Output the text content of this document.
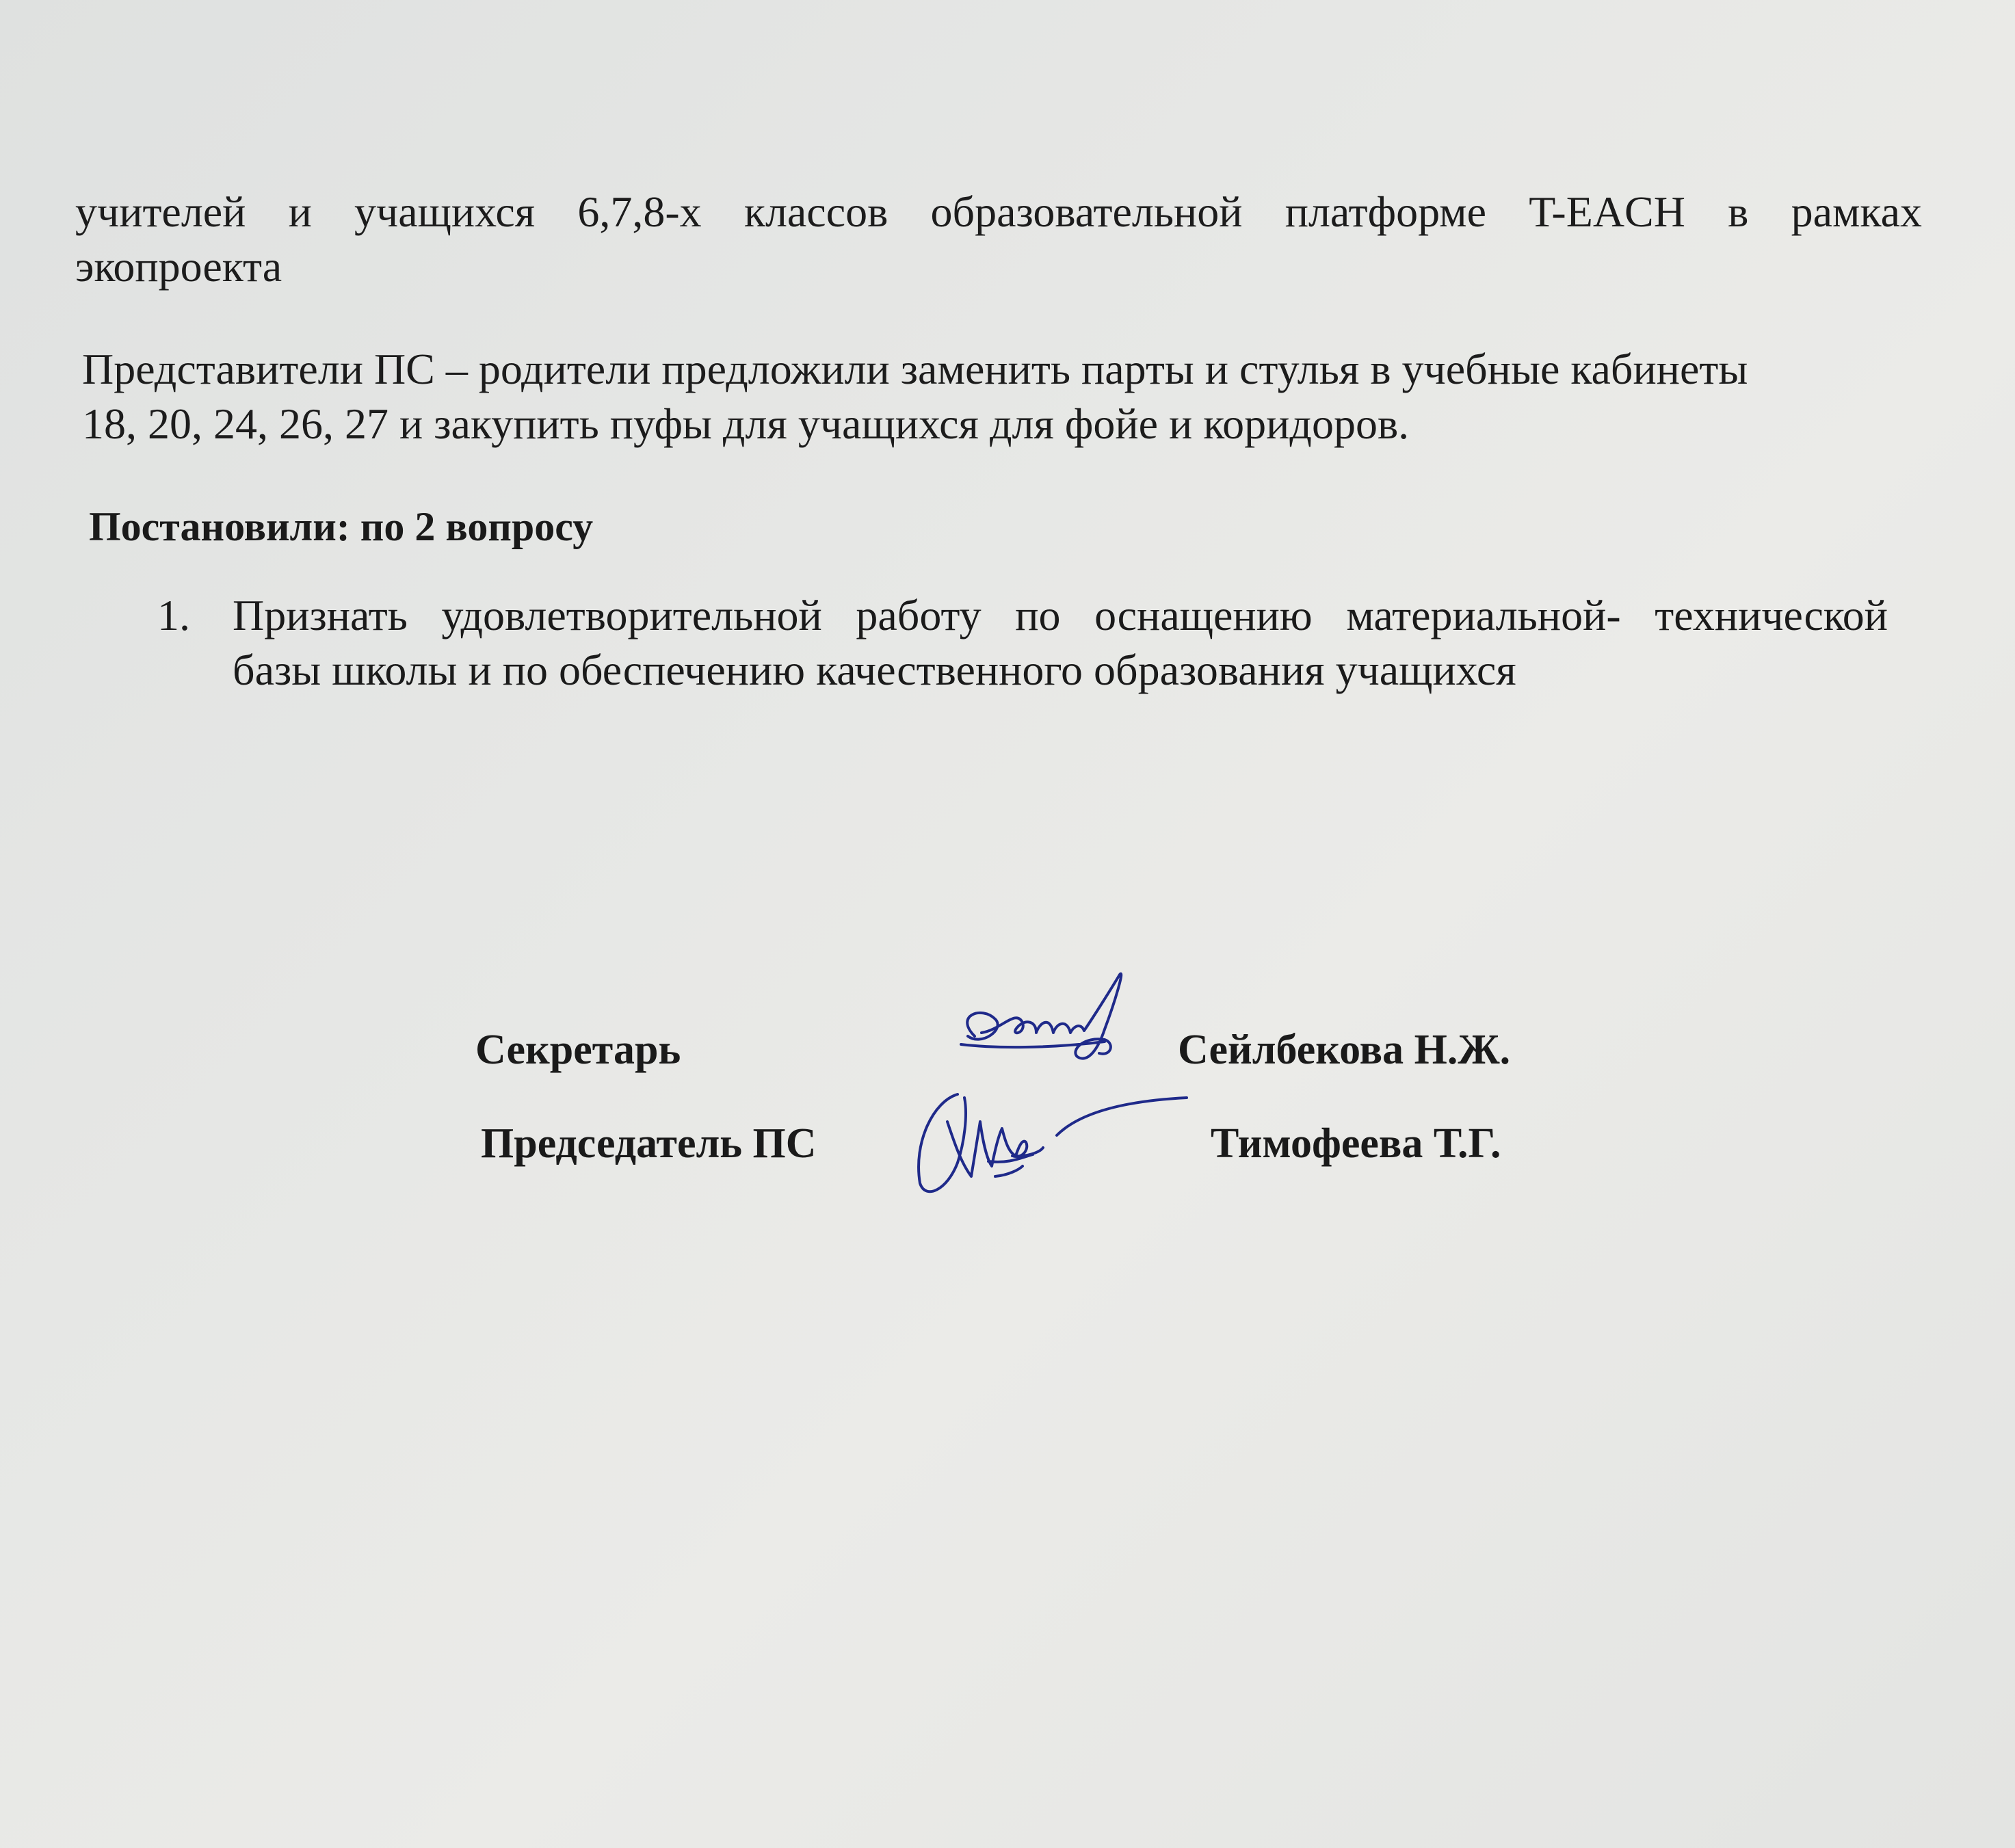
учителей и учащихся 6,7,8-х классов образовательной платформе T-EACH в рамках
экопроекта
Представители ПС – родители предложили заменить парты и стулья в учебные кабинеты
18, 20, 24, 26, 27 и закупить пуфы для учащихся для фойе и коридоров.
Постановили: по 2 вопросу
1. Признать удовлетворительной работу по оснащению материальной- технической
базы школы и по обеспечению качественного образования учащихся
Секретарь	Сейлбекова Н.Ж.
Председатель ПС	Тимофеева Т.Г.
